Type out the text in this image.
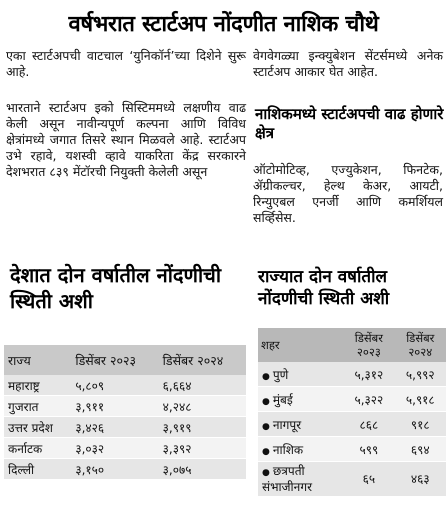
वर्षभरात स्टार्टअप नोंदणीत नाशिक चौथे

एका स्टार्टअपची वाटचाल ‘युनिकॉर्न’च्या दिशेने सुरू आहे.

भारताने स्टार्टअप इको सिस्टिममध्ये लक्षणीय वाढ केली असून नावीन्यपूर्ण कल्पना आणि विविध क्षेत्रांमध्ये जगात तिसरे स्थान मिळवले आहे. स्टार्टअप उभे रहावे, यशस्वी व्हावे याकरिता केंद्र सरकारने देशभरात ८३९ मेंटॉरची नियुक्ती केलेली असून

वेगवेगळ्या इन्क्युबेशन सेंटर्समध्ये अनेक स्टार्टअप आकार घेत आहेत.

नाशिकमध्ये स्टार्टअपची वाढ होणारे क्षेत्र

ऑटोमोटिव्ह, एज्युकेशन, फिनटेक, ॲग्रीकल्चर, हेल्थ केअर, आयटी, रिन्युएबल एनर्जी आणि कमर्शियल सर्व्हिसेस.

देशात दोन वर्षातील नोंदणीची स्थिती अशी
राज्यात दोन वर्षातील नोंदणीची स्थिती अशी
राज्य	डिसेंबर २०२३	डिसेंबर २०२४
महाराष्ट्र	५,८०९	६,६६४
गुजरात	३,९११	४,२४८
उत्तर प्रदेश	३,४२६	३,९१९
कर्नाटक	३,०३२	३,३९२
दिल्ली	३,१५०	३,०७५
शहर	डिसेंबर २०२३	डिसेंबर २०२४
● पुणे	५,३१२	५,९९२
● मुंबई	५,३२२	५,९१८
● नागपूर	८६८	९१८
● नाशिक	५९९	६९४
● छत्रपती संभाजीनगर	६५	४६३
